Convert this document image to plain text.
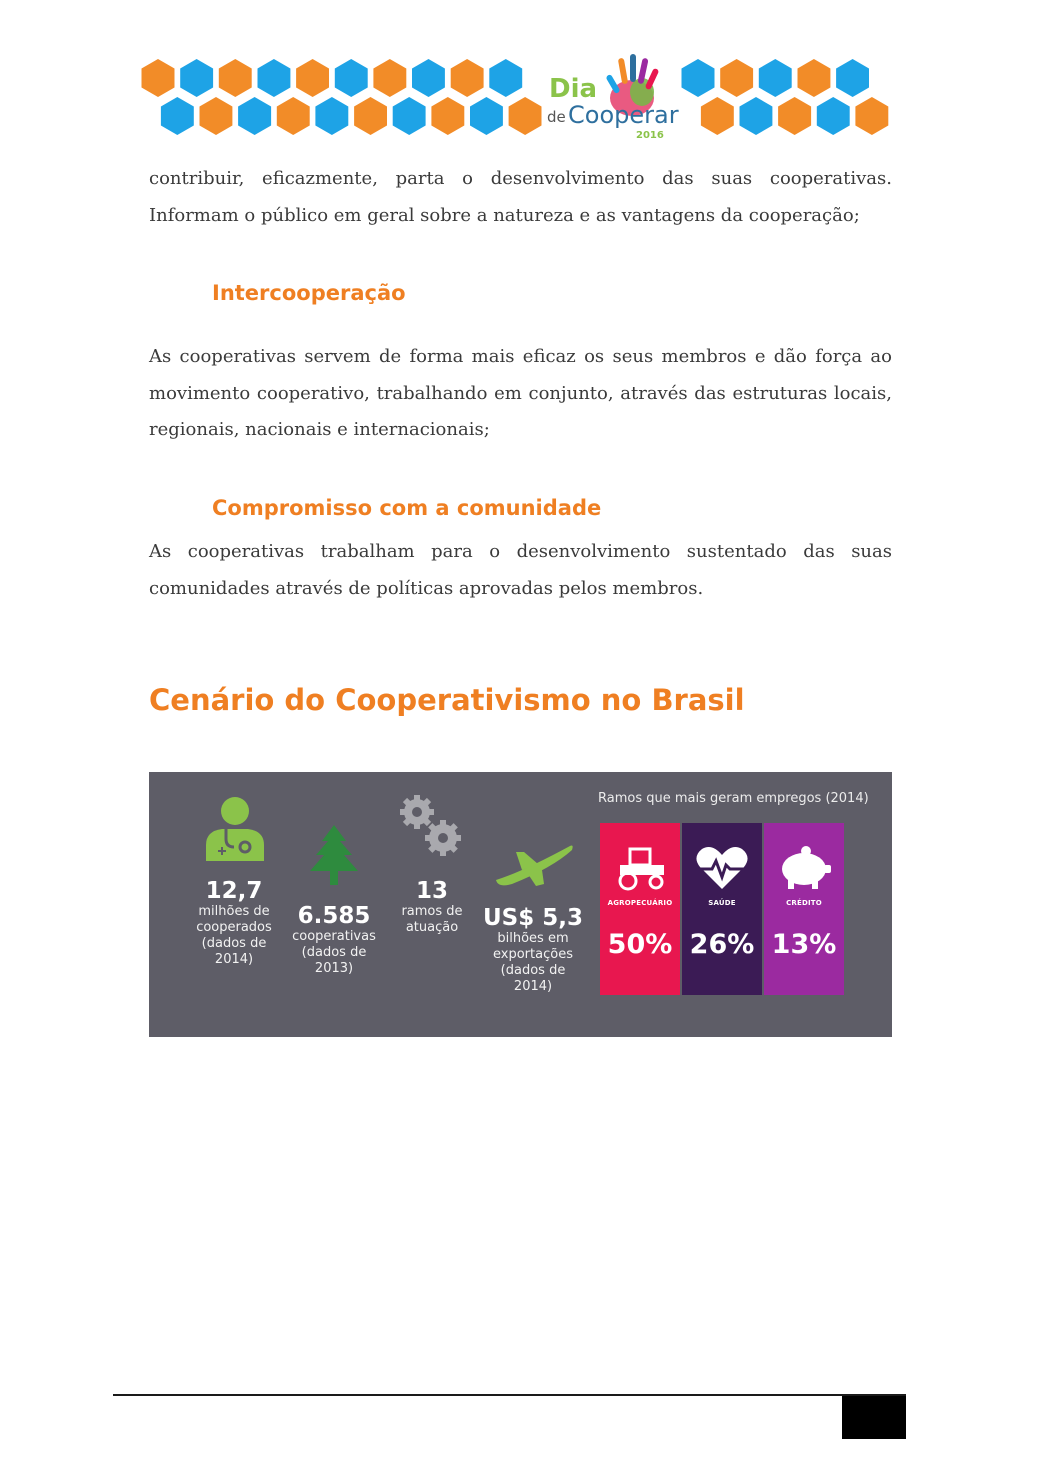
Dia
de Cooperar
2016

contribuir, eficazmente, parta o desenvolvimento das suas cooperativas. Informam o público em geral sobre a natureza e as vantagens da cooperação;

Intercooperação

As cooperativas servem de forma mais eficaz os seus membros e dão força ao movimento cooperativo, trabalhando em conjunto, através das estruturas locais, regionais, nacionais e internacionais;

Compromisso com a comunidade

As cooperativas trabalham para o desenvolvimento sustentado das suas comunidades através de políticas aprovadas pelos membros.

Cenário do Cooperativismo no Brasil
12,7
milhões de
cooperados
(dados de
2014)
6.585
cooperativas
(dados de
2013)
13
ramos de
atuação	US$ 5,3
bilhões em
exportações
(dados de
2014)
Ramos que mais geram empregos (2014)
AGROPECUÁRIO
50%
SAÚDE
26%
CRÉDITO
13%
